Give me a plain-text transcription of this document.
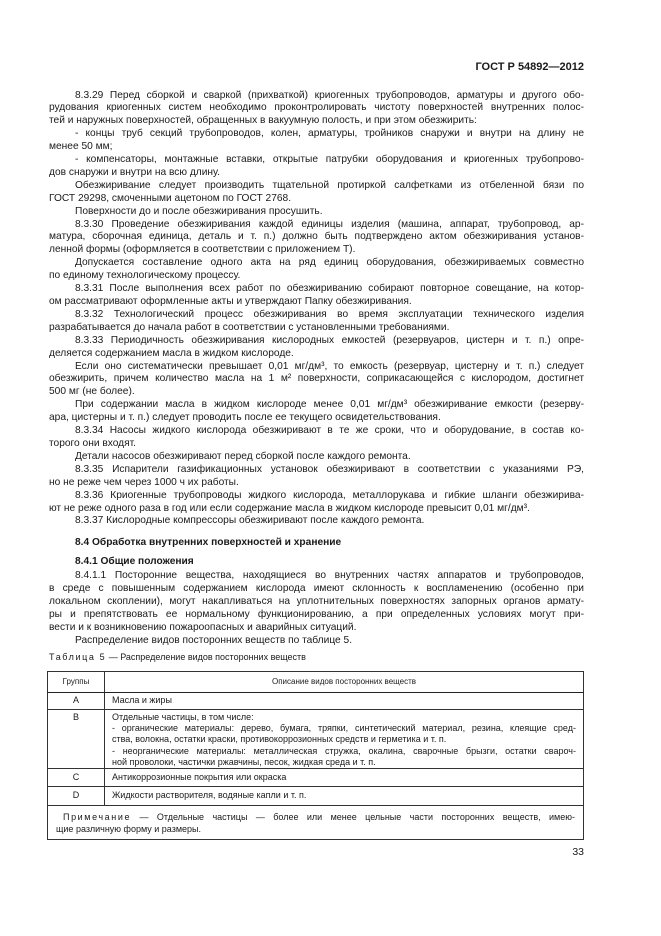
ГОСТ Р 54892—2012
8.3.29 Перед сборкой и сваркой (прихваткой) криогенных трубопроводов, арматуры и другого обо-
рудования криогенных систем необходимо проконтролировать чистоту поверхностей внутренних полос-
тей и наружных поверхностей, обращенных в вакуумную полость, и при этом обезжирить:
- концы труб секций трубопроводов, колен, арматуры, тройников снаружи и внутри на длину не
менее 50 мм;
- компенсаторы, монтажные вставки, открытые патрубки оборудования и криогенных трубопрово-
дов снаружи и внутри на всю длину.
Обезжиривание следует производить тщательной протиркой салфетками из отбеленной бязи по
ГОСТ 29298, смоченными ацетоном по ГОСТ 2768.
Поверхности до и после обезжиривания просушить.
8.3.30 Проведение обезжиривания каждой единицы изделия (машина, аппарат, трубопровод, ар-
матура, сборочная единица, деталь и т. п.) должно быть подтверждено актом обезжиривания установ-
ленной формы (оформляется в соответствии с приложением Т).
Допускается составление одного акта на ряд единиц оборудования, обезжириваемых совместно
по единому технологическому процессу.
8.3.31 После выполнения всех работ по обезжириванию собирают повторное совещание, на котор-
ом рассматривают оформленные акты и утверждают Папку обезжиривания.
8.3.32 Технологический процесс обезжиривания во время эксплуатации технического изделия
разрабатывается до начала работ в соответствии с установленными требованиями.
8.3.33 Периодичность обезжиривания кислородных емкостей (резервуаров, цистерн и т. п.) опре-
деляется содержанием масла в жидком кислороде.
Если оно систематически превышает 0,01 мг/дм³, то емкость (резервуар, цистерну и т. п.) следует
обезжирить, причем количество масла на 1 м² поверхности, соприкасающейся с кислородом, достигнет
500 мг (не более).
При содержании масла в жидком кислороде менее 0,01 мг/дм³ обезжиривание емкости (резерву-
ара, цистерны и т. п.) следует проводить после ее текущего освидетельствования.
8.3.34 Насосы жидкого кислорода обезжиривают в те же сроки, что и оборудование, в состав ко-
торого они входят.
Детали насосов обезжиривают перед сборкой после каждого ремонта.
8.3.35 Испарители газификационных установок обезжиривают в соответствии с указаниями РЭ,
но не реже чем через 1000 ч их работы.
8.3.36 Криогенные трубопроводы жидкого кислорода, металлорукава и гибкие шланги обезжирива-
ют не реже одного раза в год или если содержание масла в жидком кислороде превысит 0,01 мг/дм³.
8.3.37 Кислородные компрессоры обезжиривают после каждого ремонта.
8.4 Обработка внутренних поверхностей и хранение
8.4.1 Общие положения
8.4.1.1 Посторонние вещества, находящиеся во внутренних частях аппаратов и трубопроводов,
в среде с повышенным содержанием кислорода имеют склонность к воспламенению (особенно при
локальном скоплении), могут накапливаться на уплотнительных поверхностях запорных органов армату-
ры и препятствовать ее нормальному функционированию, а при определенных условиях могут при-
вести и к возникновению пожароопасных и аварийных ситуаций.
Распределение видов посторонних веществ по таблице 5.
Таблица 5 — Распределение видов посторонних веществ
Группы	Описание видов посторонних веществ
A	Масла и жиры

B	Отдельные частицы, в том числе:
- органические материалы: дерево, бумага, тряпки, синтетический материал, резина, клеящие сред-
ства, волокна, остатки краски, противокоррозионных средств и герметика и т. п.
- неорганические материалы: металлическая стружка, окалина, сварочные брызги, остатки свароч-
ной проволоки, частички ржавчины, песок, жидкая среда и т. п.

C	Антикоррозионные покрытия или окраска

D	Жидкости растворителя, водяные капли и т. п.

Примечание — Отдельные частицы — более или менее цельные части посторонних веществ, имею-
щие различную форму и размеры.	
33
